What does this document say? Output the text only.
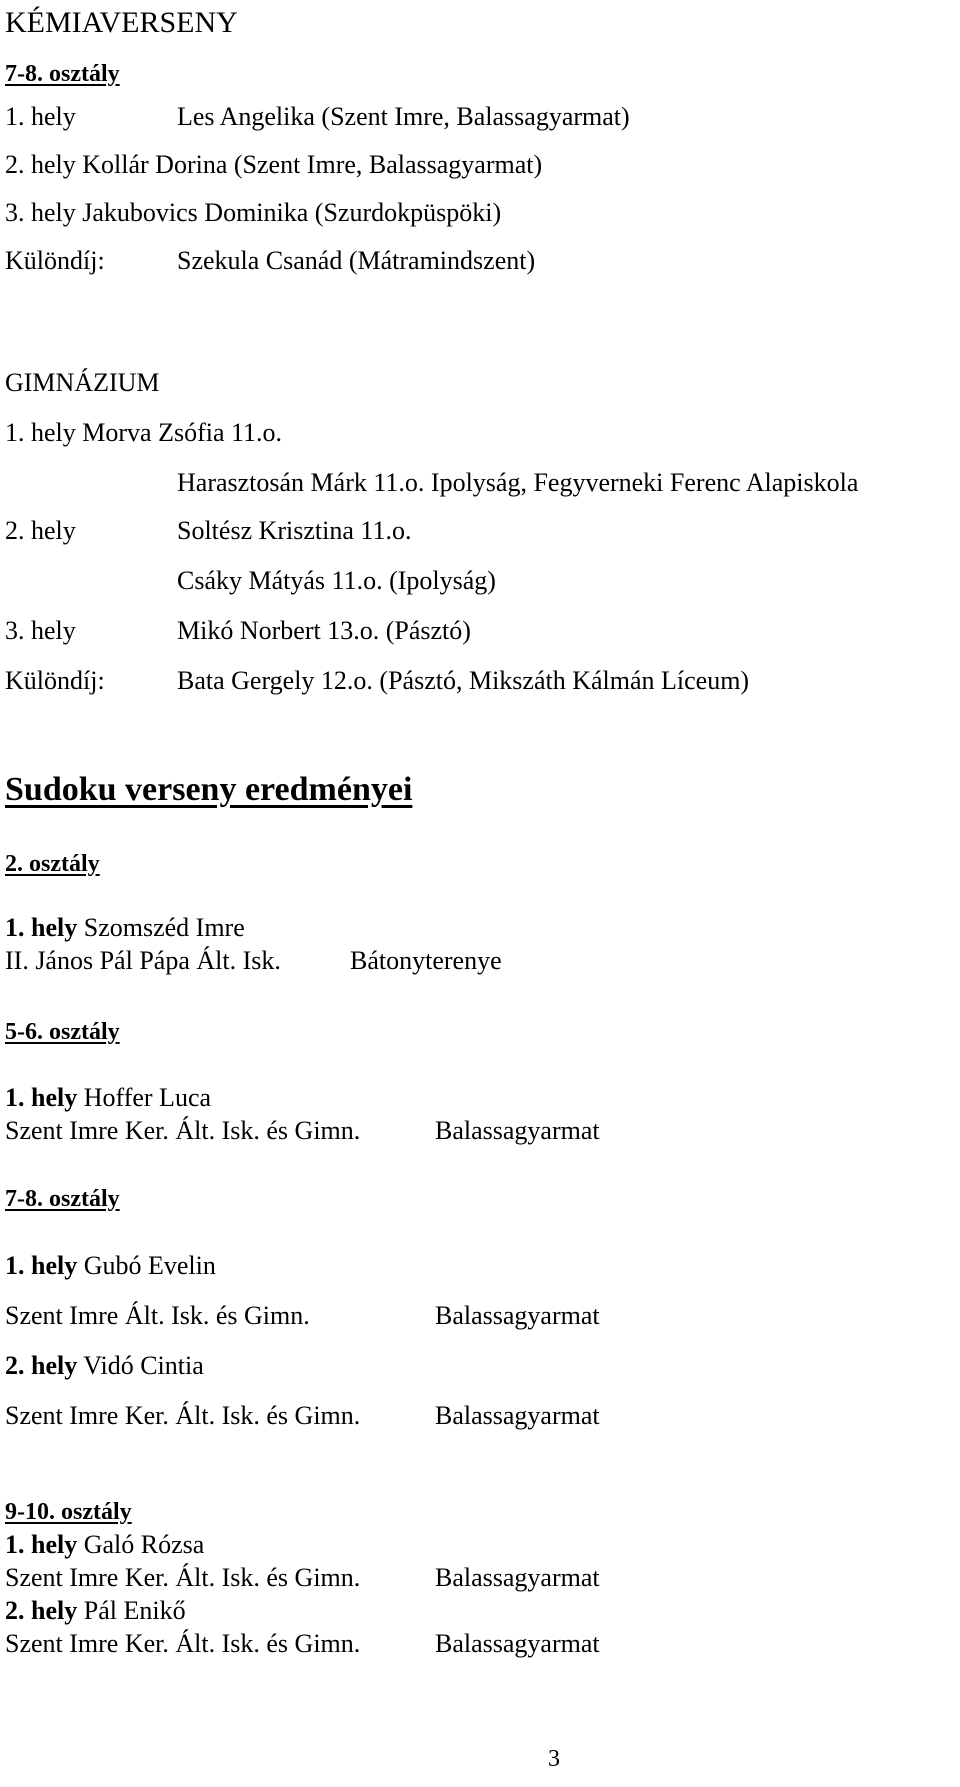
KÉMIAVERSENY
7-8. osztály
1. hely	Les Angelika (Szent Imre, Balassagyarmat)
2. hely Kollár Dorina (Szent Imre, Balassagyarmat)
3. hely Jakubovics Dominika (Szurdokpüspöki)
Különdíj:	Szekula Csanád (Mátramindszent)
GIMNÁZIUM
1. hely Morva Zsófia 11.o.
Harasztosán Márk 11.o. Ipolyság, Fegyverneki Ferenc Alapiskola
2. hely	Soltész Krisztina 11.o.
Csáky Mátyás 11.o. (Ipolyság)
3. hely	Mikó Norbert 13.o. (Pásztó)
Különdíj:	Bata Gergely 12.o. (Pásztó, Mikszáth Kálmán Líceum)
Sudoku verseny eredményei
2. osztály
1. hely Szomszéd Imre
II. János Pál Pápa Ált. Isk.	Bátonyterenye
5-6. osztály
1. hely Hoffer Luca
Szent Imre Ker. Ált. Isk. és Gimn.	Balassagyarmat
7-8. osztály
1. hely Gubó Evelin
Szent Imre Ált. Isk. és Gimn.	Balassagyarmat
2. hely Vidó Cintia
Szent Imre Ker. Ált. Isk. és Gimn.	Balassagyarmat
9-10. osztály
1. hely Galó Rózsa
Szent Imre Ker. Ált. Isk. és Gimn.	Balassagyarmat
2. hely Pál Enikő
Szent Imre Ker. Ált. Isk. és Gimn.	Balassagyarmat
3
